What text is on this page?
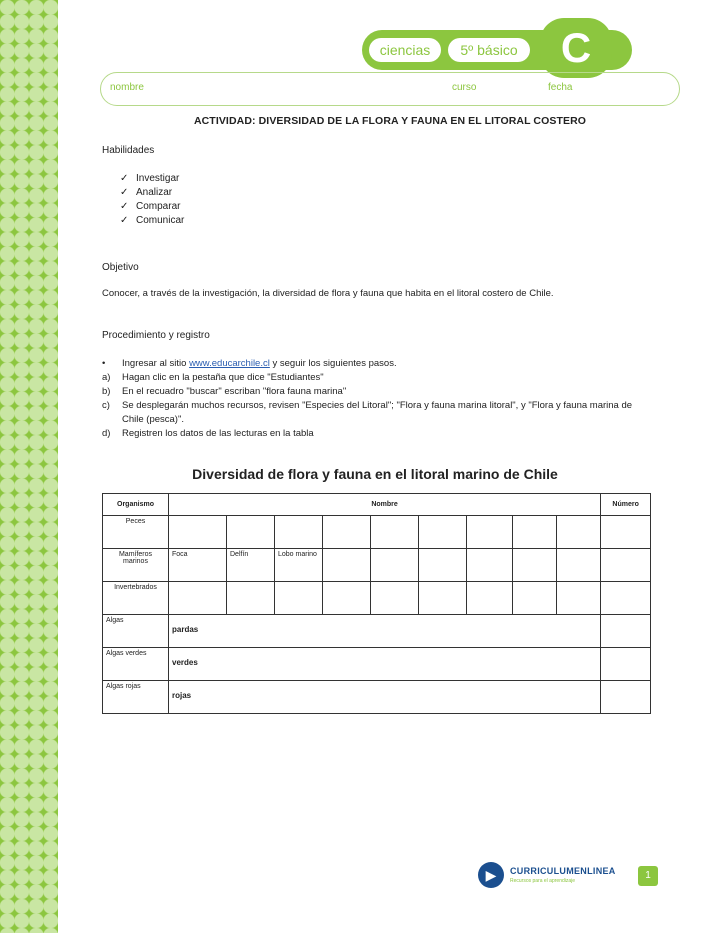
ciencias	5º básico	C
nombre	curso	fecha
ACTIVIDAD: DIVERSIDAD DE LA FLORA Y FAUNA EN EL LITORAL COSTERO
Habilidades
✓ Investigar
✓ Analizar
✓ Comparar
✓ Comunicar
Objetivo
Conocer, a través de la investigación, la diversidad de flora y fauna que habita en el litoral costero de Chile.
Procedimiento y registro
• Ingresar al sitio www.educarchile.cl y seguir los siguientes pasos.
a) Hagan clic en la pestaña que dice "Estudiantes"
b) En el recuadro "buscar" escriban "flora fauna marina"
c) Se desplegarán muchos recursos, revisen "Especies del Litoral"; "Flora y fauna marina litoral", y "Flora y fauna marina de Chile (pesca)".
d) Registren los datos de las lecturas en la tabla
Diversidad de flora y fauna en el litoral marino de Chile
Organismo	Nombre									Número
Peces										
Mamíferos marinos	Foca	Delfín	Lobo marino							
Invertebrados										
Algas	pardas									
Algas verdes	verdes									
Algas rojas	rojas									
▶	CURRICULUMENLINEA
Recursos para el aprendizaje	1
